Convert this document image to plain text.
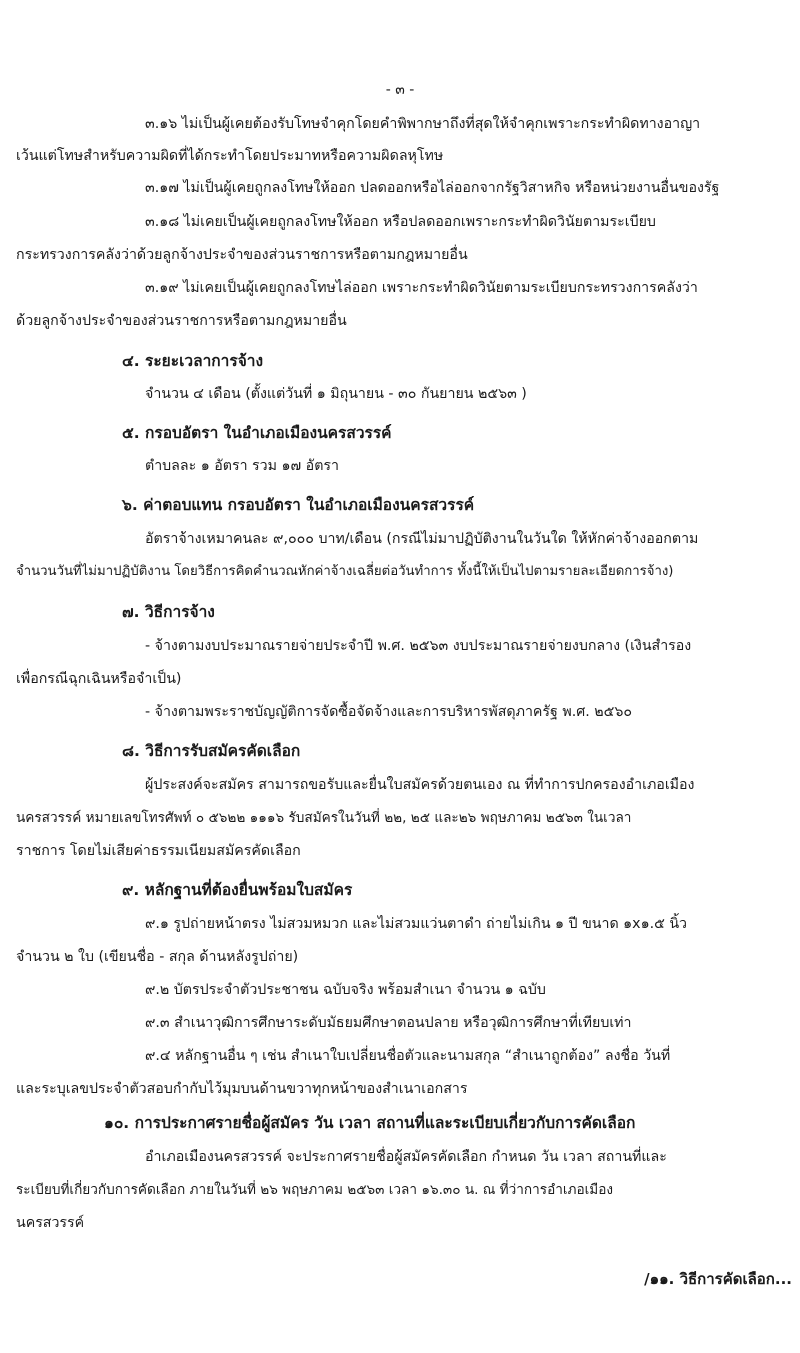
- ๓ -
๓.๑๖ ไม่เป็นผู้เคยต้องรับโทษจำคุกโดยคำพิพากษาถึงที่สุดให้จำคุกเพราะกระทำผิดทางอาญา
เว้นแต่โทษสำหรับความผิดที่ได้กระทำโดยประมาทหรือความผิดลหุโทษ
๓.๑๗ ไม่เป็นผู้เคยถูกลงโทษให้ออก ปลดออกหรือไล่ออกจากรัฐวิสาหกิจ หรือหน่วยงานอื่นของรัฐ
๓.๑๘ ไม่เคยเป็นผู้เคยถูกลงโทษให้ออก หรือปลดออกเพราะกระทำผิดวินัยตามระเบียบ
กระทรวงการคลังว่าด้วยลูกจ้างประจำของส่วนราชการหรือตามกฎหมายอื่น
๓.๑๙ ไม่เคยเป็นผู้เคยถูกลงโทษไล่ออก เพราะกระทำผิดวินัยตามระเบียบกระทรวงการคลังว่า
ด้วยลูกจ้างประจำของส่วนราชการหรือตามกฎหมายอื่น
๔. ระยะเวลาการจ้าง
จำนวน ๔ เดือน (ตั้งแต่วันที่ ๑ มิถุนายน - ๓๐ กันยายน ๒๕๖๓ )
๕. กรอบอัตรา ในอำเภอเมืองนครสวรรค์
ตำบลละ ๑ อัตรา รวม ๑๗ อัตรา
๖. ค่าตอบแทน กรอบอัตรา ในอำเภอเมืองนครสวรรค์
อัตราจ้างเหมาคนละ ๙,๐๐๐ บาท/เดือน (กรณีไม่มาปฏิบัติงานในวันใด ให้หักค่าจ้างออกตาม
จำนวนวันที่ไม่มาปฏิบัติงาน โดยวิธีการคิดคำนวณหักค่าจ้างเฉลี่ยต่อวันทำการ ทั้งนี้ให้เป็นไปตามรายละเอียดการจ้าง)
๗. วิธีการจ้าง
- จ้างตามงบประมาณรายจ่ายประจำปี พ.ศ. ๒๕๖๓ งบประมาณรายจ่ายงบกลาง (เงินสำรอง
เพื่อกรณีฉุกเฉินหรือจำเป็น)
- จ้างตามพระราชบัญญัติการจัดซื้อจัดจ้างและการบริหารพัสดุภาครัฐ พ.ศ. ๒๕๖๐
๘. วิธีการรับสมัครคัดเลือก
ผู้ประสงค์จะสมัคร สามารถขอรับและยื่นใบสมัครด้วยตนเอง ณ ที่ทำการปกครองอำเภอเมือง
นครสวรรค์ หมายเลขโทรศัพท์ ๐ ๕๖๒๒ ๑๑๑๖ รับสมัครในวันที่ ๒๒, ๒๕ และ๒๖ พฤษภาคม ๒๕๖๓ ในเวลา
ราชการ โดยไม่เสียค่าธรรมเนียมสมัครคัดเลือก
๙. หลักฐานที่ต้องยื่นพร้อมใบสมัคร
๙.๑ รูปถ่ายหน้าตรง ไม่สวมหมวก และไม่สวมแว่นตาดำ ถ่ายไม่เกิน ๑ ปี ขนาด ๑x๑.๕ นิ้ว
จำนวน ๒ ใบ (เขียนชื่อ - สกุล ด้านหลังรูปถ่าย)
๙.๒ บัตรประจำตัวประชาชน ฉบับจริง พร้อมสำเนา จำนวน ๑ ฉบับ
๙.๓ สำเนาวุฒิการศึกษาระดับมัธยมศึกษาตอนปลาย หรือวุฒิการศึกษาที่เทียบเท่า
๙.๔ หลักฐานอื่น ๆ เช่น สำเนาใบเปลี่ยนชื่อตัวและนามสกุล “สำเนาถูกต้อง” ลงชื่อ วันที่
และระบุเลขประจำตัวสอบกำกับไว้มุมบนด้านขวาทุกหน้าของสำเนาเอกสาร
๑๐. การประกาศรายชื่อผู้สมัคร วัน เวลา สถานที่และระเบียบเกี่ยวกับการคัดเลือก
อำเภอเมืองนครสวรรค์ จะประกาศรายชื่อผู้สมัครคัดเลือก กำหนด วัน เวลา สถานที่และ
ระเบียบที่เกี่ยวกับการคัดเลือก ภายในวันที่ ๒๖ พฤษภาคม ๒๕๖๓ เวลา ๑๖.๓๐ น. ณ ที่ว่าการอำเภอเมือง
นครสวรรค์
/๑๑. วิธีการคัดเลือก...
